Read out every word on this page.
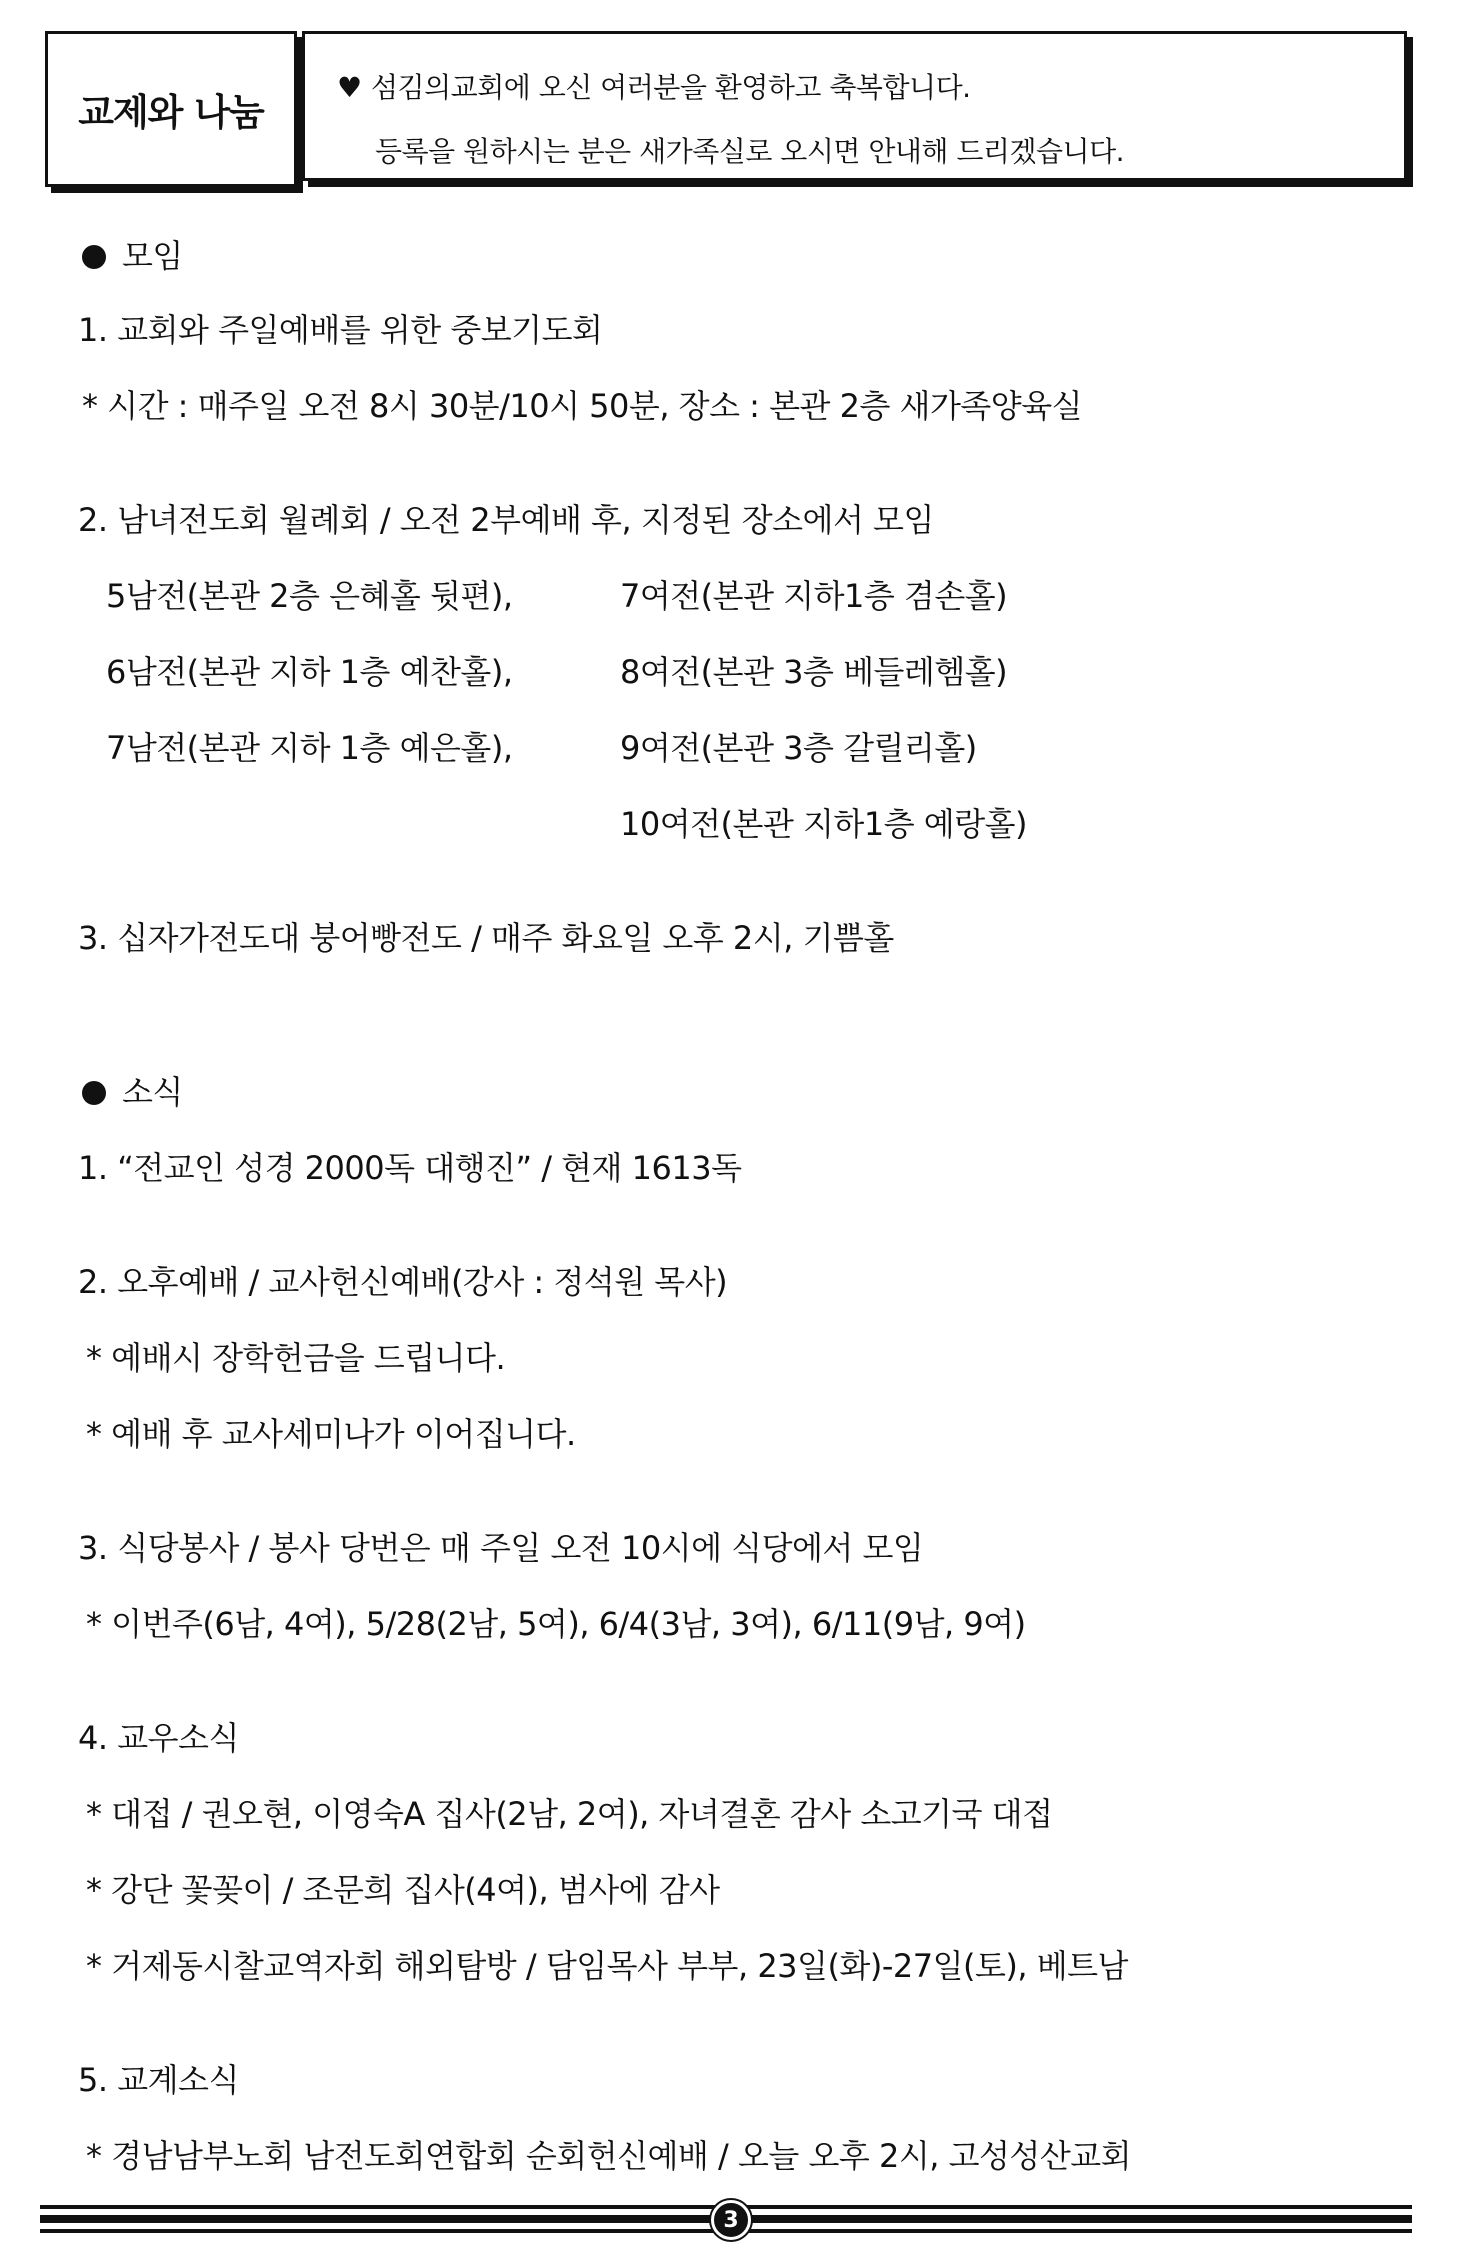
교제와 나눔
♥ 섬김의교회에 오신 여러분을 환영하고 축복합니다.
등록을 원하시는 분은 새가족실로 오시면 안내해 드리겠습니다.
모임
1. 교회와 주일예배를 위한 중보기도회
* 시간 : 매주일 오전 8시 30분/10시 50분, 장소 : 본관 2층 새가족양육실
2. 남녀전도회 월례회 / 오전 2부예배 후, 지정된 장소에서 모임
5남전(본관 2층 은혜홀 뒷편),
6남전(본관 지하 1층 예찬홀),
7남전(본관 지하 1층 예은홀),
7여전(본관 지하1층 겸손홀)
8여전(본관 3층 베들레헴홀)
9여전(본관 3층 갈릴리홀)
10여전(본관 지하1층 예랑홀)
3. 십자가전도대 붕어빵전도 / 매주 화요일 오후 2시, 기쁨홀
소식
1. “전교인 성경 2000독 대행진” / 현재 1613독
2. 오후예배 / 교사헌신예배(강사 : 정석원 목사)
* 예배시 장학헌금을 드립니다.
* 예배 후 교사세미나가 이어집니다.
3. 식당봉사 / 봉사 당번은 매 주일 오전 10시에 식당에서 모임
* 이번주(6남, 4여), 5/28(2남, 5여), 6/4(3남, 3여), 6/11(9남, 9여)
4. 교우소식
* 대접 / 권오현, 이영숙A 집사(2남, 2여), 자녀결혼 감사 소고기국 대접
* 강단 꽃꽂이 / 조문희 집사(4여), 범사에 감사
* 거제동시찰교역자회 해외탐방 / 담임목사 부부, 23일(화)-27일(토), 베트남
5. 교계소식
* 경남남부노회 남전도회연합회 순회헌신예배 / 오늘 오후 2시, 고성성산교회
3
